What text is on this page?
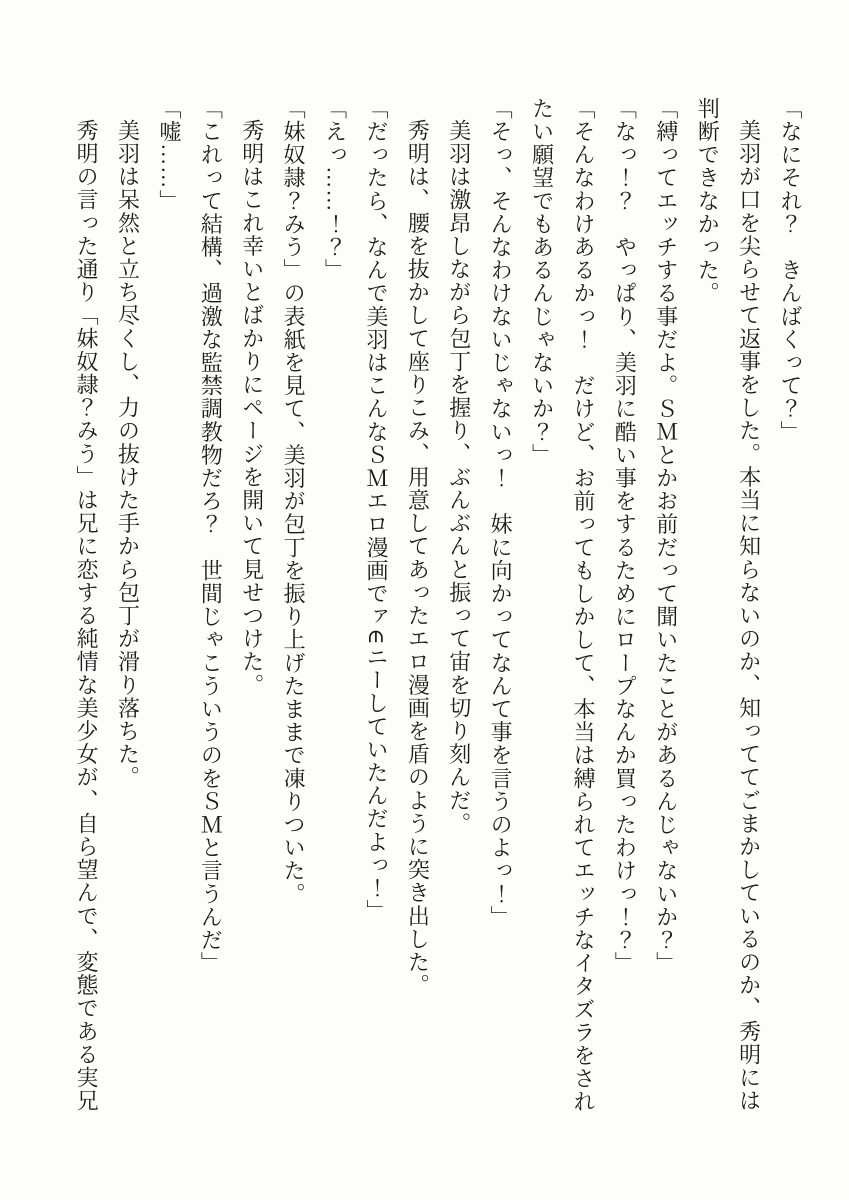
「なにそれ？　きんばくって？」

美羽が口を尖らせて返事をした。本当に知らないのか、知っててごまかしているのか、秀明には

判断できなかった。

「縛ってエッチする事だよ。ＳＭとかお前だって聞いたことがあるんじゃないか？」

「なっ！？　やっぱり、美羽に酷い事をするためにロープなんか買ったわけっ！？」

「そんなわけあるかっ！　だけど、お前ってもしかして、本当は縛られてエッチなイタズラをされ

たい願望でもあるんじゃないか？」

「そっ、そんなわけないじゃないっ！　妹に向かってなんて事を言うのよっ！」

美羽は激昂しながら包丁を握り、ぶんぶんと振って宙を切り刻んだ。

秀明は、腰を抜かして座りこみ、用意してあったエロ漫画を盾のように突き出した。

「だったら、なんで美羽はこんなＳＭエロ漫画でァ∈ニーしていたんだよっ！」

「えっ……！？」

「妹奴隷？みう」の表紙を見て、美羽が包丁を振り上げたままで凍りついた。

秀明はこれ幸いとばかりにページを開いて見せつけた。

「これって結構、過激な監禁調教物だろ？　世間じゃこういうのをＳＭと言うんだ」

「嘘……」

美羽は呆然と立ち尽くし、力の抜けた手から包丁が滑り落ちた。

秀明の言った通り「妹奴隷？みう」は兄に恋する純情な美少女が、自ら望んで、変態である実兄
